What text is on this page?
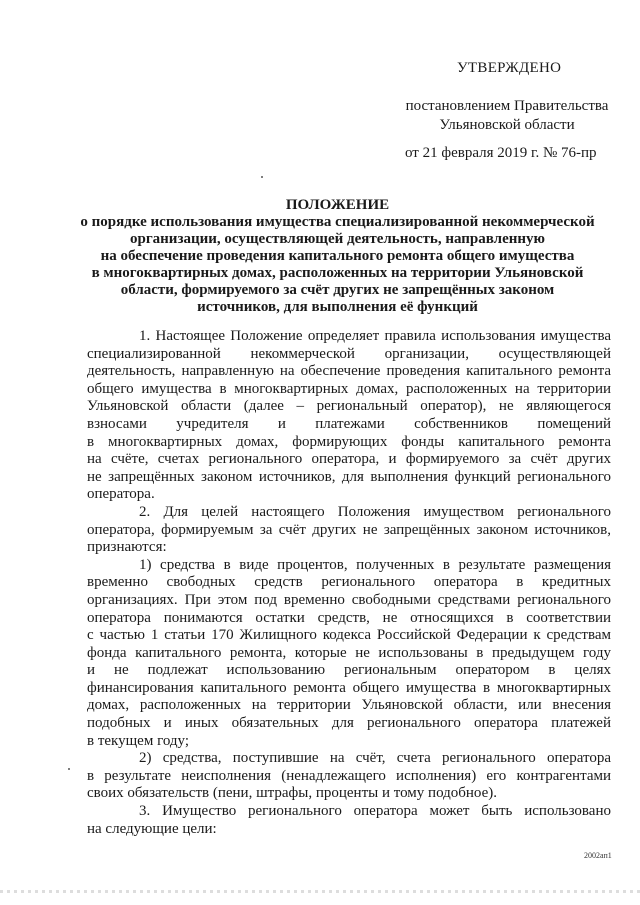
УТВЕРЖДЕНО
постановлением Правительства
Ульяновской области
от 21 февраля 2019 г. № 76-пр
ПОЛОЖЕНИЕ
о порядке использования имущества специализированной некоммерческой
организации, осуществляющей деятельность, направленную
на обеспечение проведения капитального ремонта общего имущества
в многоквартирных домах, расположенных на территории Ульяновской
области, формируемого за счёт других не запрещённых законом
источников, для выполнения её функций
1. Настоящее Положение определяет правила использования имущества
специализированной некоммерческой организации, осуществляющей
деятельность, направленную на обеспечение проведения капитального ремонта
общего имущества в многоквартирных домах, расположенных на территории
Ульяновской области (далее – региональный оператор), не являющегося
взносами учредителя и платежами собственников помещений
в многоквартирных домах, формирующих фонды капитального ремонта
на счёте, счетах регионального оператора, и формируемого за счёт других
не запрещённых законом источников, для выполнения функций регионального
оператора.
2. Для целей настоящего Положения имуществом регионального
оператора, формируемым за счёт других не запрещённых законом источников,
признаются:
1) средства в виде процентов, полученных в результате размещения
временно свободных средств регионального оператора в кредитных
организациях. При этом под временно свободными средствами регионального
оператора понимаются остатки средств, не относящихся в соответствии
с частью 1 статьи 170 Жилищного кодекса Российской Федерации к средствам
фонда капитального ремонта, которые не использованы в предыдущем году
и не подлежат использованию региональным оператором в целях
финансирования капитального ремонта общего имущества в многоквартирных
домах, расположенных на территории Ульяновской области, или внесения
подобных и иных обязательных для регионального оператора платежей
в текущем году;
2) средства, поступившие на счёт, счета регионального оператора
в результате неисполнения (ненадлежащего исполнения) его контрагентами
своих обязательств (пени, штрафы, проценты и тому подобное).
3. Имущество регионального оператора может быть использовано
на следующие цели:
2002ап1
